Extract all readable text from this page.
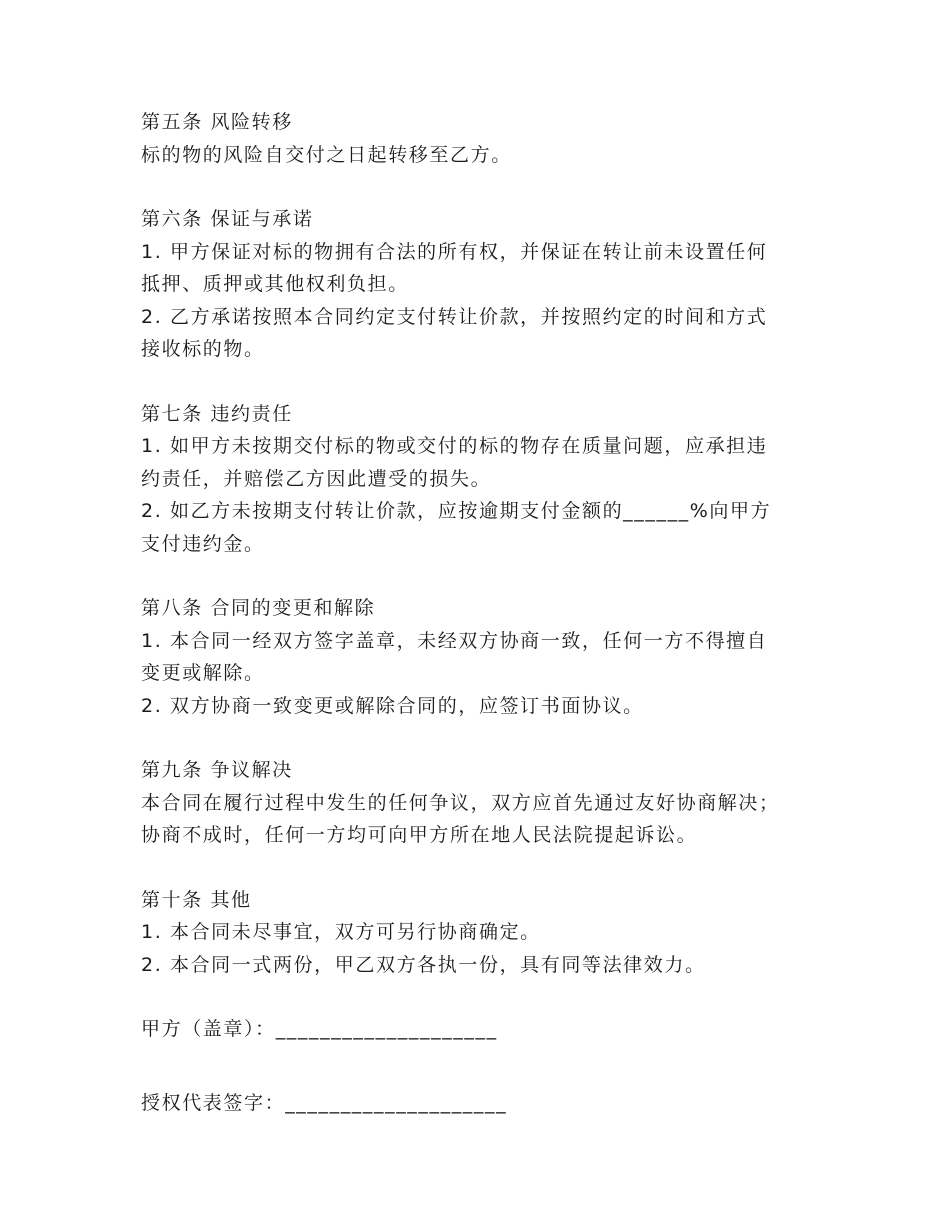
第五条 风险转移
标的物的风险自交付之日起转移至乙方。
第六条 保证与承诺
1. 甲方保证对标的物拥有合法的所有权，并保证在转让前未设置任何
抵押、质押或其他权利负担。
2. 乙方承诺按照本合同约定支付转让价款，并按照约定的时间和方式
接收标的物。
第七条 违约责任
1. 如甲方未按期交付标的物或交付的标的物存在质量问题，应承担违
约责任，并赔偿乙方因此遭受的损失。
2. 如乙方未按期支付转让价款，应按逾期支付金额的______%向甲方
支付违约金。
第八条 合同的变更和解除
1. 本合同一经双方签字盖章，未经双方协商一致，任何一方不得擅自
变更或解除。
2. 双方协商一致变更或解除合同的，应签订书面协议。
第九条 争议解决
本合同在履行过程中发生的任何争议，双方应首先通过友好协商解决；
协商不成时，任何一方均可向甲方所在地人民法院提起诉讼。
第十条 其他
1. 本合同未尽事宜，双方可另行协商确定。
2. 本合同一式两份，甲乙双方各执一份，具有同等法律效力。
甲方（盖章）：____________________
授权代表签字：____________________
